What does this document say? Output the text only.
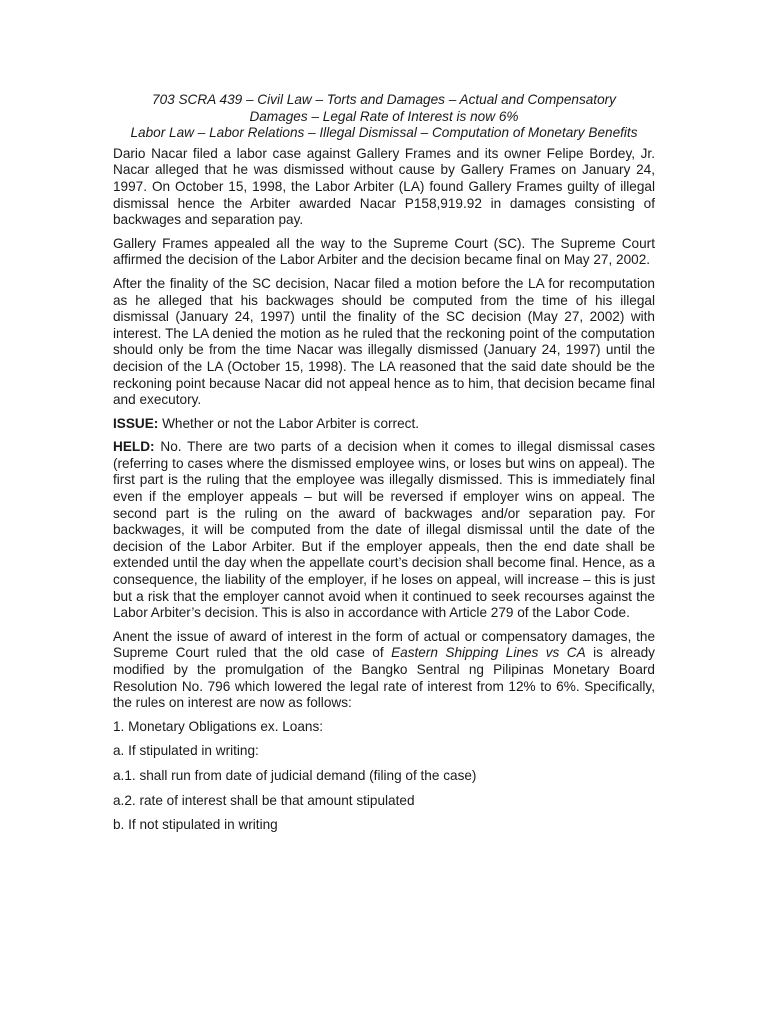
703 SCRA 439 – Civil Law – Torts and Damages – Actual and Compensatory
Damages – Legal Rate of Interest is now 6%
Labor Law – Labor Relations – Illegal Dismissal – Computation of Monetary Benefits

Dario Nacar filed a labor case against Gallery Frames and its owner Felipe Bordey, Jr. Nacar alleged that he was dismissed without cause by Gallery Frames on January 24, 1997. On October 15, 1998, the Labor Arbiter (LA) found Gallery Frames guilty of illegal dismissal hence the Arbiter awarded Nacar P158,919.92 in damages consisting of backwages and separation pay.

Gallery Frames appealed all the way to the Supreme Court (SC). The Supreme Court affirmed the decision of the Labor Arbiter and the decision became final on May 27, 2002.

After the finality of the SC decision, Nacar filed a motion before the LA for recomputation as he alleged that his backwages should be computed from the time of his illegal dismissal (January 24, 1997) until the finality of the SC decision (May 27, 2002) with interest. The LA denied the motion as he ruled that the reckoning point of the computation should only be from the time Nacar was illegally dismissed (January 24, 1997) until the decision of the LA (October 15, 1998). The LA reasoned that the said date should be the reckoning point because Nacar did not appeal hence as to him, that decision became final and executory.

ISSUE: Whether or not the Labor Arbiter is correct.

HELD: No. There are two parts of a decision when it comes to illegal dismissal cases (referring to cases where the dismissed employee wins, or loses but wins on appeal). The first part is the ruling that the employee was illegally dismissed. This is immediately final even if the employer appeals – but will be reversed if employer wins on appeal. The second part is the ruling on the award of backwages and/or separation pay. For backwages, it will be computed from the date of illegal dismissal until the date of the decision of the Labor Arbiter. But if the employer appeals, then the end date shall be extended until the day when the appellate court’s decision shall become final. Hence, as a consequence, the liability of the employer, if he loses on appeal, will increase – this is just but a risk that the employer cannot avoid when it continued to seek recourses against the Labor Arbiter’s decision. This is also in accordance with Article 279 of the Labor Code.

Anent the issue of award of interest in the form of actual or compensatory damages, the Supreme Court ruled that the old case of Eastern Shipping Lines vs CA is already modified by the promulgation of the Bangko Sentral ng Pilipinas Monetary Board Resolution No. 796 which lowered the legal rate of interest from 12% to 6%. Specifically, the rules on interest are now as follows:

1. Monetary Obligations ex. Loans:
a. If stipulated in writing:
a.1. shall run from date of judicial demand (filing of the case)
a.2. rate of interest shall be that amount stipulated
b. If not stipulated in writing
